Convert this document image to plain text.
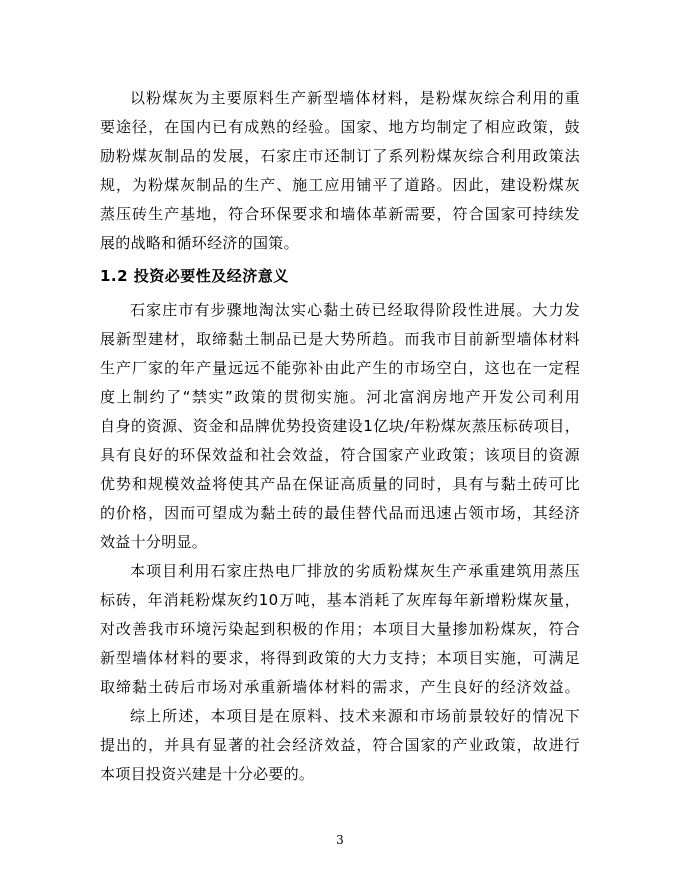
以粉煤灰为主要原料生产新型墙体材料，是粉煤灰综合利用的重
要途径，在国内已有成熟的经验。国家、地方均制定了相应政策，鼓
励粉煤灰制品的发展，石家庄市还制订了系列粉煤灰综合利用政策法
规，为粉煤灰制品的生产、施工应用铺平了道路。因此，建设粉煤灰
蒸压砖生产基地，符合环保要求和墙体革新需要，符合国家可持续发
展的战略和循环经济的国策。
1.2 投资必要性及经济意义
石家庄市有步骤地淘汰实心黏土砖已经取得阶段性进展。大力发
展新型建材，取缔黏土制品已是大势所趋。而我市目前新型墙体材料
生产厂家的年产量远远不能弥补由此产生的市场空白，这也在一定程
度上制约了“禁实”政策的贯彻实施。河北富润房地产开发公司利用
自身的资源、资金和品牌优势投资建设1亿块/年粉煤灰蒸压标砖项目，
具有良好的环保效益和社会效益，符合国家产业政策；该项目的资源
优势和规模效益将使其产品在保证高质量的同时，具有与黏土砖可比
的价格，因而可望成为黏土砖的最佳替代品而迅速占领市场，其经济
效益十分明显。
本项目利用石家庄热电厂排放的劣质粉煤灰生产承重建筑用蒸压
标砖，年消耗粉煤灰约10万吨，基本消耗了灰库每年新增粉煤灰量，
对改善我市环境污染起到积极的作用；本项目大量掺加粉煤灰，符合
新型墙体材料的要求，将得到政策的大力支持；本项目实施，可满足
取缔黏土砖后市场对承重新墙体材料的需求，产生良好的经济效益。
综上所述，本项目是在原料、技术来源和市场前景较好的情况下
提出的，并具有显著的社会经济效益，符合国家的产业政策，故进行
本项目投资兴建是十分必要的。
3
